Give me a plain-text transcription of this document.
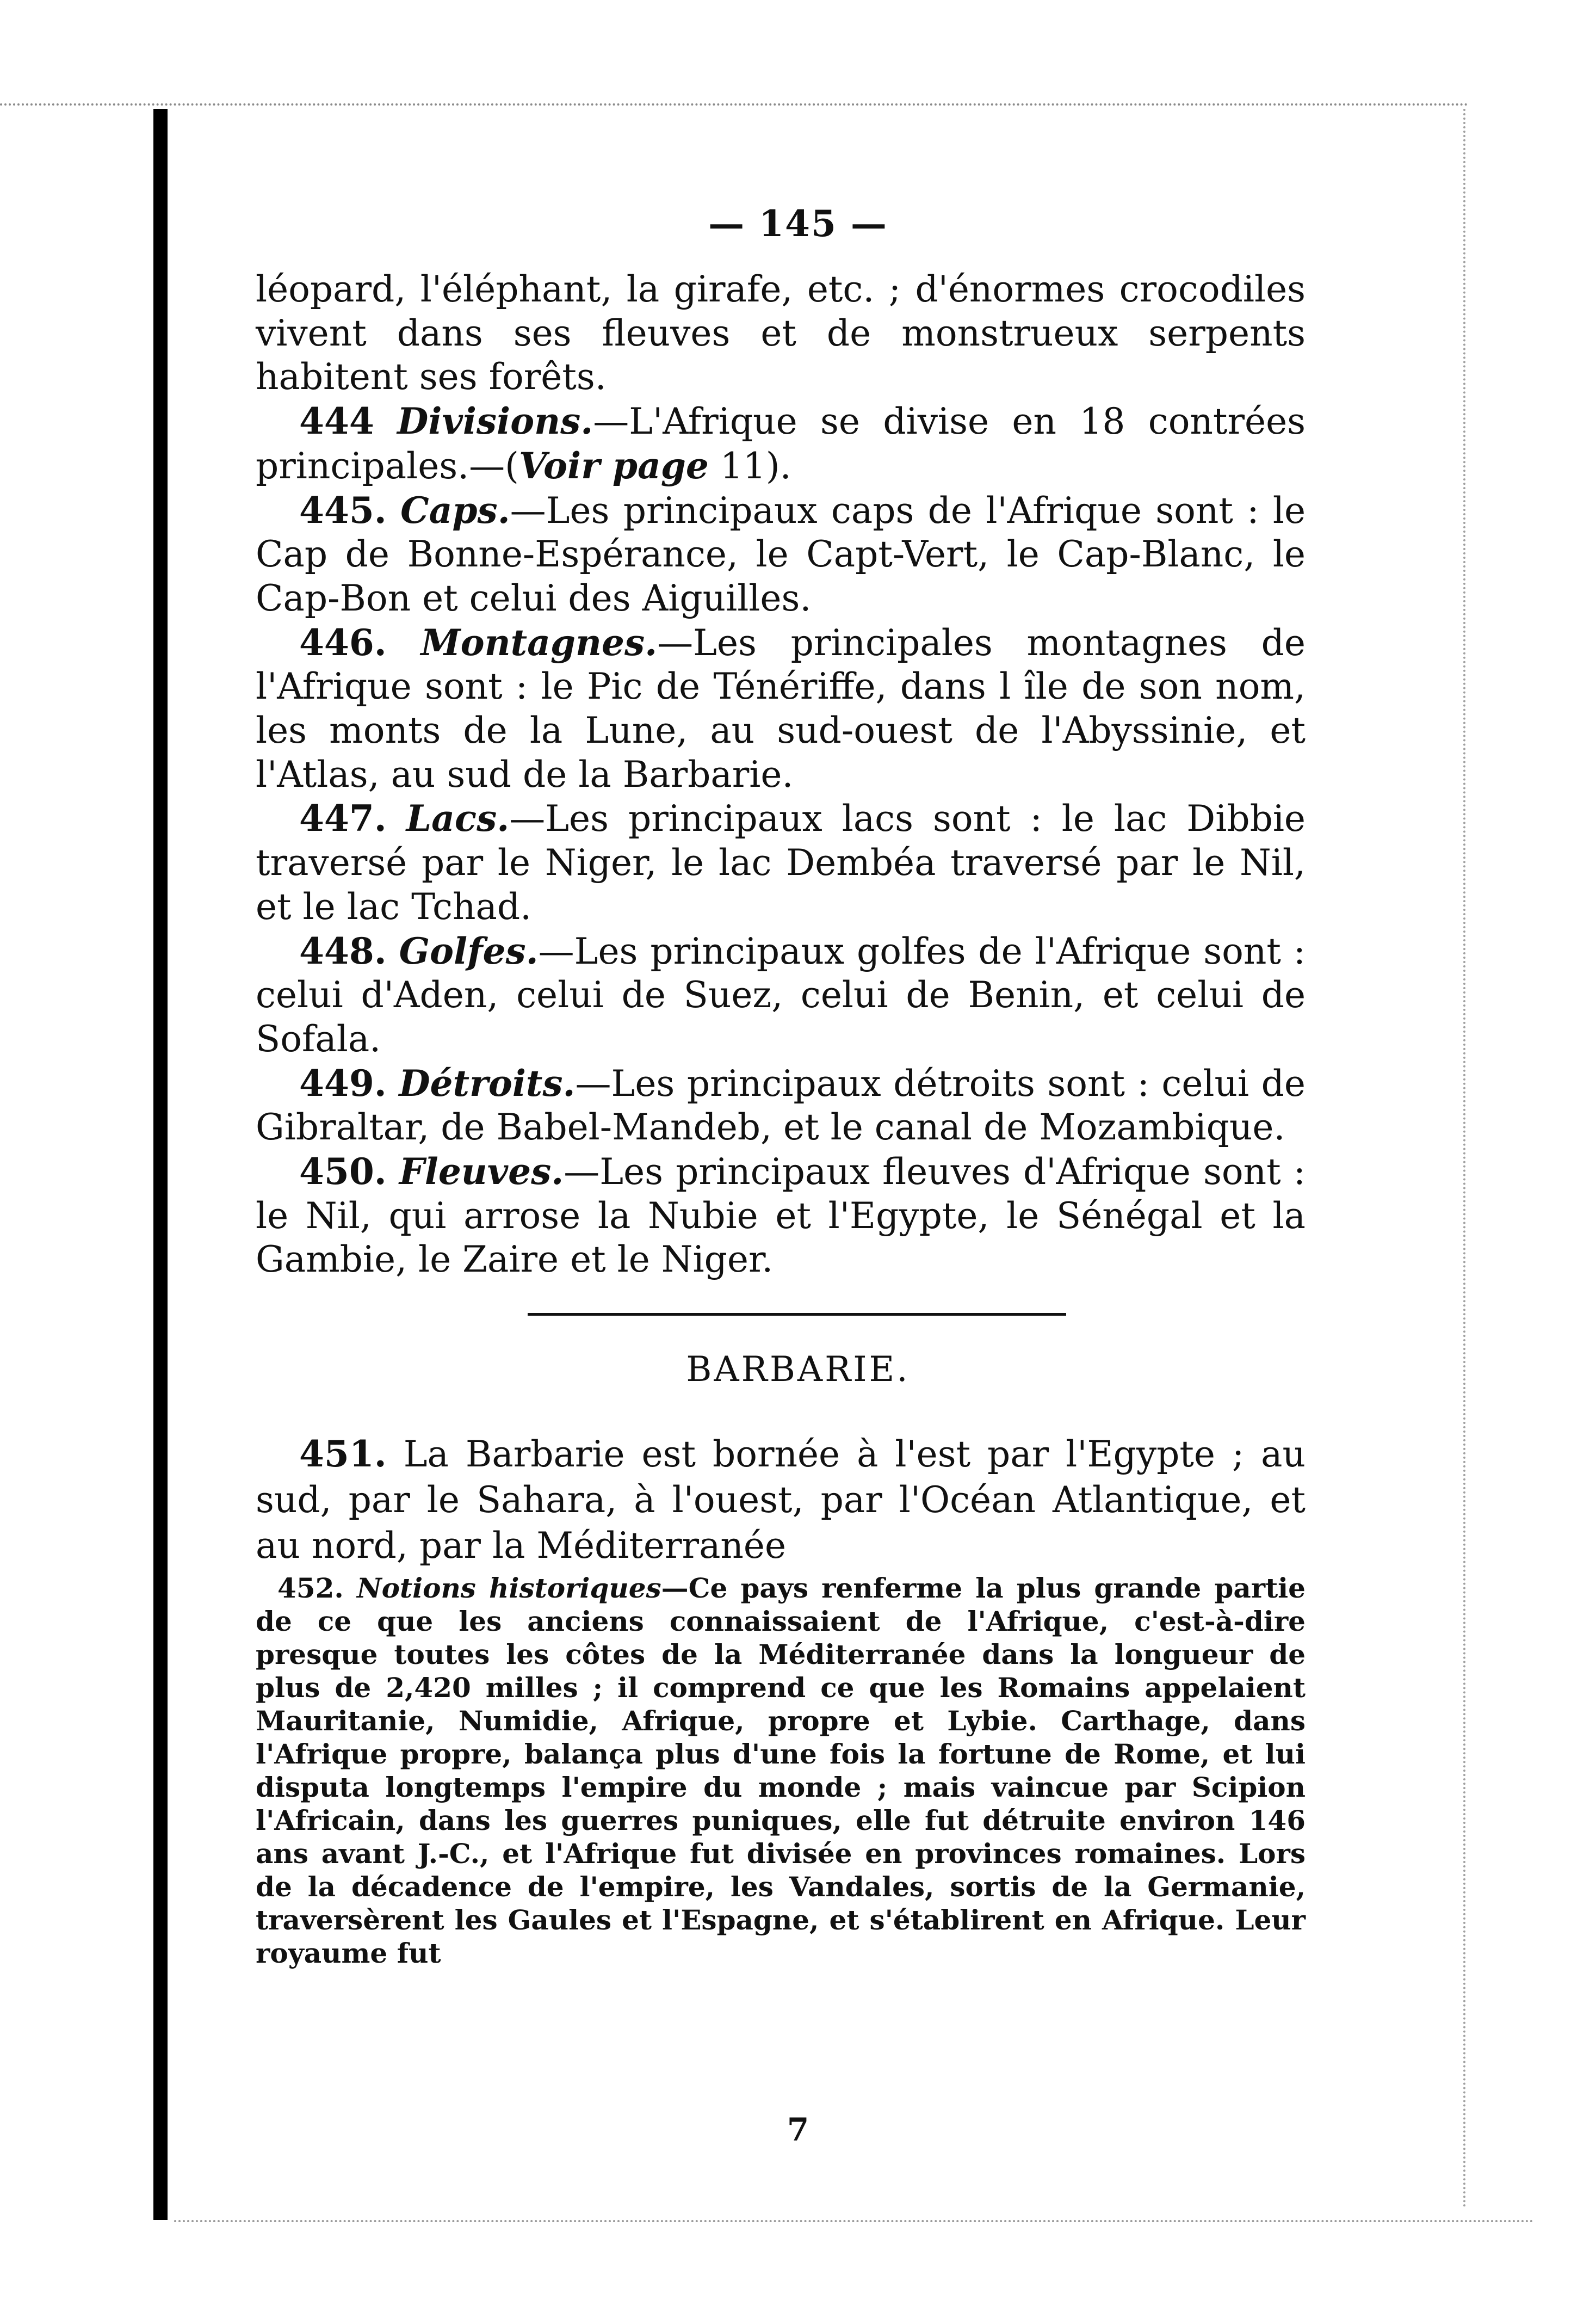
— 145 —

léopard, l'éléphant, la girafe, etc. ; d'énormes crocodiles vivent dans ses fleuves et de monstrueux serpents habitent ses forêts.

444 Divisions.—L'Afrique se divise en 18 contrées principales.—(Voir page 11).

445. Caps.—Les principaux caps de l'Afrique sont : le Cap de Bonne-Espérance, le Capt-Vert, le Cap-Blanc, le Cap-Bon et celui des Aiguilles.

446. Montagnes.—Les principales montagnes de l'Afrique sont : le Pic de Ténériffe, dans l île de son nom, les monts de la Lune, au sud-ouest de l'Abyssinie, et l'Atlas, au sud de la Barbarie.

447. Lacs.—Les principaux lacs sont : le lac Dibbie traversé par le Niger, le lac Dembéa traversé par le Nil, et le lac Tchad.

448. Golfes.—Les principaux golfes de l'Afrique sont : celui d'Aden, celui de Suez, celui de Benin, et celui de Sofala.

449. Détroits.—Les principaux détroits sont : celui de Gibraltar, de Babel-Mandeb, et le canal de Mozambique.

450. Fleuves.—Les principaux fleuves d'Afrique sont : le Nil, qui arrose la Nubie et l'Egypte, le Sénégal et la Gambie, le Zaire et le Niger.

BARBARIE.

451. La Barbarie est bornée à l'est par l'Egypte ; au sud, par le Sahara, à l'ouest, par l'Océan Atlantique, et au nord, par la Méditerranée

452. Notions historiques—Ce pays renferme la plus grande partie de ce que les anciens connaissaient de l'Afrique, c'est-à-dire presque toutes les côtes de la Méditerranée dans la longueur de plus de 2,420 milles ; il comprend ce que les Romains appelaient Mauritanie, Numidie, Afrique, propre et Lybie. Carthage, dans l'Afrique propre, balança plus d'une fois la fortune de Rome, et lui disputa longtemps l'empire du monde ; mais vaincue par Scipion l'Africain, dans les guerres puniques, elle fut détruite environ 146 ans avant J.-C., et l'Afrique fut divisée en provinces romaines. Lors de la décadence de l'empire, les Vandales, sortis de la Germanie, traversèrent les Gaules et l'Espagne, et s'établirent en Afrique. Leur royaume fut

7
